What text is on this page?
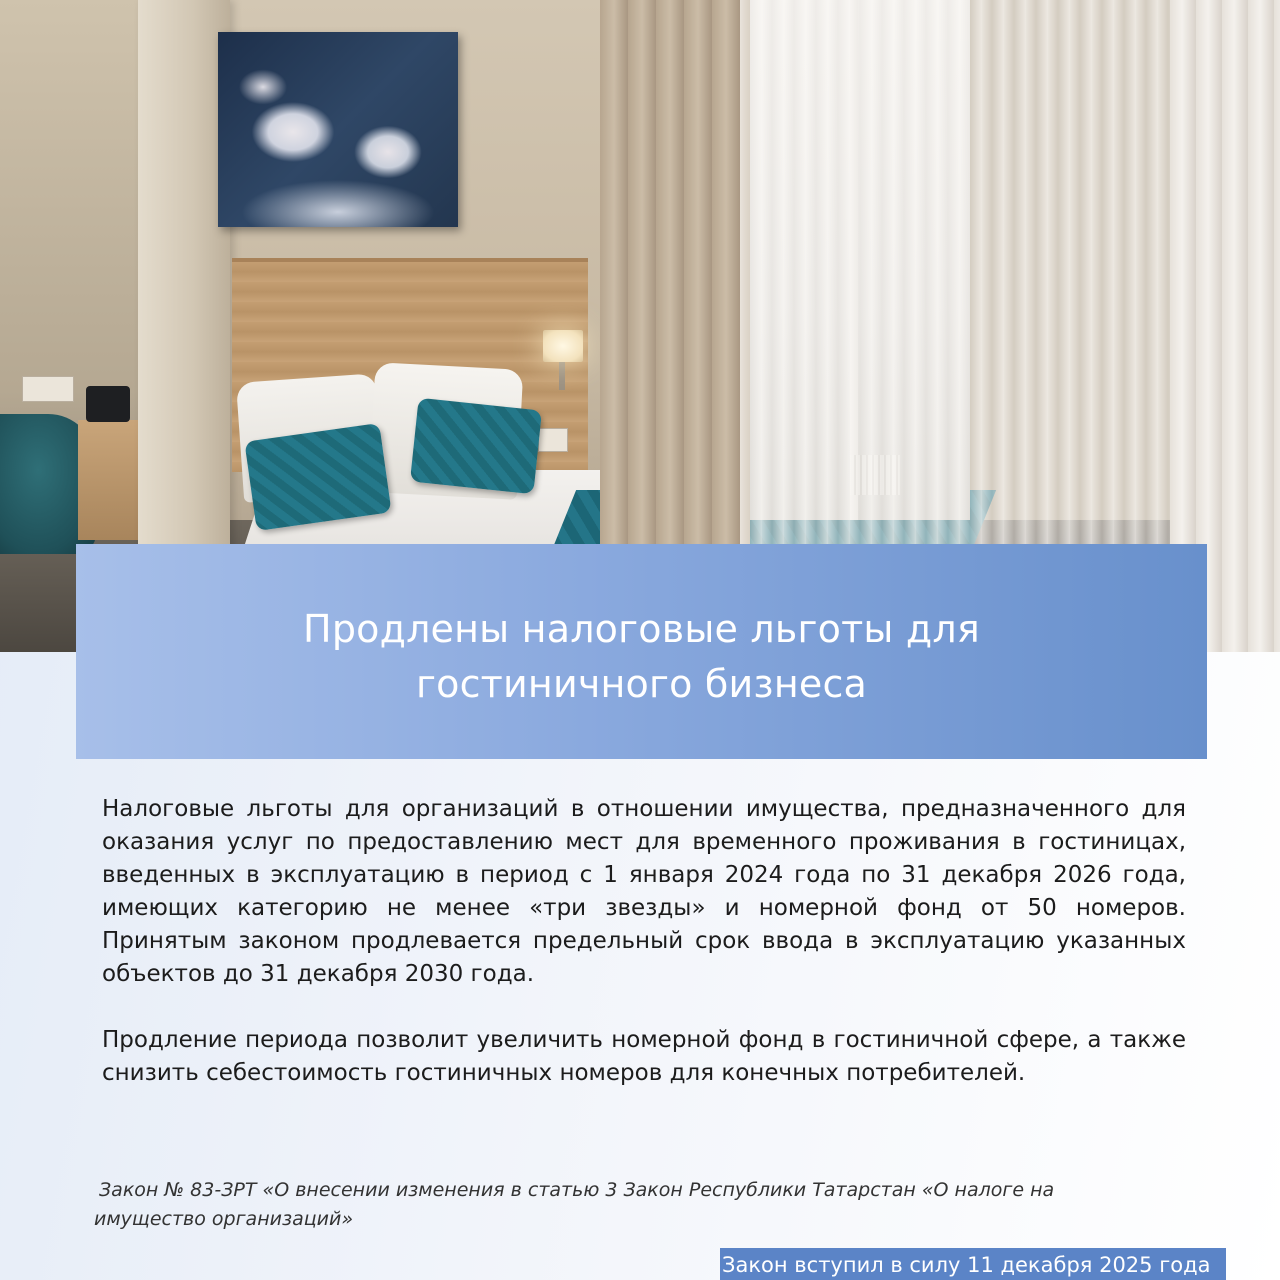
Продлены налоговые льготы для гостиничного бизнеса

Налоговые льготы для организаций в отношении имущества, предназначенного для оказания услуг по предоставлению мест для временного проживания в гостиницах, введенных в эксплуатацию в период с 1 января 2024 года по 31 декабря 2026 года, имеющих категорию не менее «три звезды» и номерной фонд от 50 номеров. Принятым законом продлевается предельный срок ввода в эксплуатацию указанных объектов до 31 декабря 2030 года.

Продление периода позволит увеличить номерной фонд в гостиничной сфере, а также снизить себестоимость гостиничных номеров для конечных потребителей.

Закон № 83-ЗРТ «О внесении изменения в статью 3 Закон Республики Татарстан «О налоге на имущество организаций»
Закон вступил в силу 11 декабря 2025 года
